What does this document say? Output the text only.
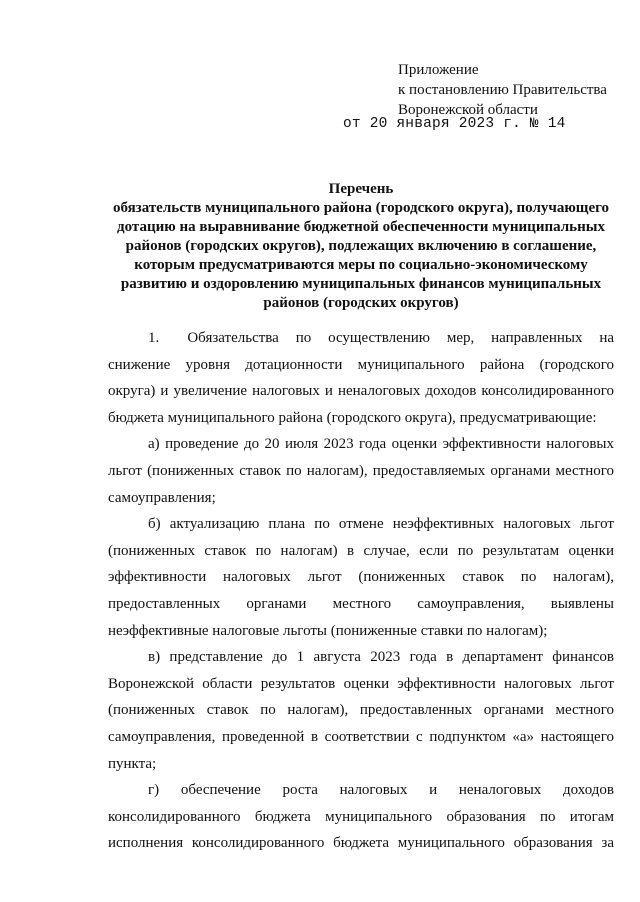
Приложение
к постановлению Правительства
Воронежской области
от 20 января 2023 г. № 14
Перечень
обязательств муниципального района (городского округа), получающего
дотацию на выравнивание бюджетной обеспеченности муниципальных
районов (городских округов), подлежащих включению в соглашение,
которым предусматриваются меры по социально-экономическому
развитию и оздоровлению муниципальных финансов муниципальных
районов (городских округов)
1.     Обязательства   по   осуществлению   мер,   направленных   на
снижение  уровня  дотационности  муниципального  района  (городского
округа) и увеличение налоговых и неналоговых доходов консолидированного
бюджета муниципального района (городского округа), предусматривающие:
а) проведение до 20 июля 2023 года оценки эффективности налоговых
льгот (пониженных ставок по налогам), предоставляемых органами местного
самоуправления;
б) актуализацию плана по отмене неэффективных налоговых льгот
(пониженных ставок по налогам) в случае, если по результатам оценки
эффективности налоговых льгот (пониженных ставок по налогам),
предоставленных органами местного самоуправления, выявлены
неэффективные налоговые льготы (пониженные ставки по налогам);
в) представление до 1 августа 2023 года в департамент финансов
Воронежской области результатов оценки эффективности налоговых льгот
(пониженных ставок по налогам), предоставленных органами местного
самоуправления, проведенной в соответствии с подпунктом «а» настоящего
пункта;
г) обеспечение роста налоговых и неналоговых доходов
консолидированного бюджета муниципального образования по итогам
исполнения консолидированного бюджета муниципального образования за
